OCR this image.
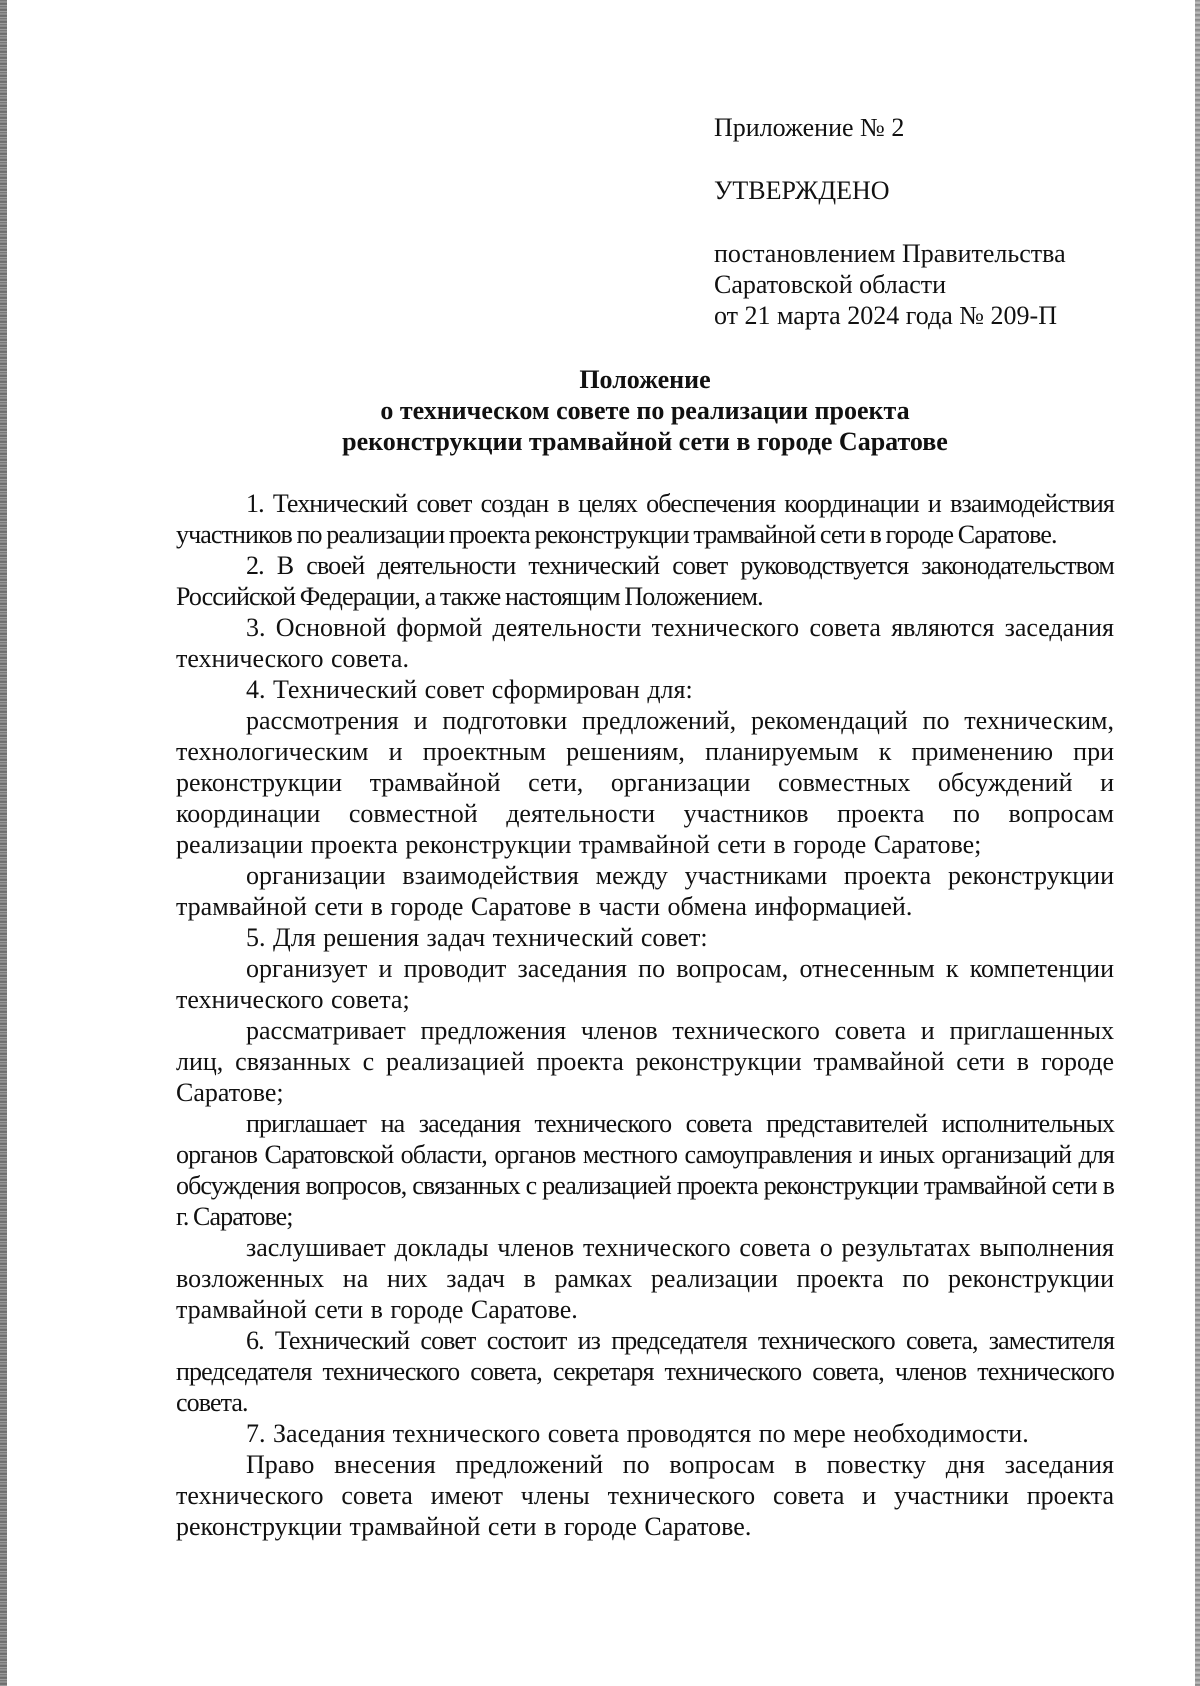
Приложение № 2
УТВЕРЖДЕНО
постановлением Правительства
Саратовской области
от 21 марта 2024 года № 209-П
Положение
о техническом совете по реализации проекта
реконструкции трамвайной сети в городе Саратове

1. Технический совет создан в целях обеспечения координации и взаимодействия участников по реализации проекта реконструкции трамвайной сети в городе Саратове.

2. В своей деятельности технический совет руководствуется законодательством Российской Федерации, а также настоящим Положением.

3. Основной формой деятельности технического совета являются заседания технического совета.

4. Технический совет сформирован для:

рассмотрения и подготовки предложений, рекомендаций по техническим, технологическим и проектным решениям, планируемым к применению при реконструкции трамвайной сети, организации совместных обсуждений и координации совместной деятельности участников проекта по вопросам реализации проекта реконструкции трамвайной сети в городе Саратове;

организации взаимодействия между участниками проекта реконструкции трамвайной сети в городе Саратове в части обмена информацией.

5. Для решения задач технический совет:

организует и проводит заседания по вопросам, отнесенным к компетенции технического совета;

рассматривает предложения членов технического совета и приглашенных лиц, связанных с реализацией проекта реконструкции трамвайной сети в городе Саратове;

приглашает на заседания технического совета представителей исполнительных органов Саратовской области, органов местного самоуправления и иных организаций для обсуждения вопросов, связанных с реализацией проекта реконструкции трамвайной сети в г. Саратове;

заслушивает доклады членов технического совета о результатах выполнения возложенных на них задач в рамках реализации проекта по реконструкции трамвайной сети в городе Саратове.

6. Технический совет состоит из председателя технического совета, заместителя председателя технического совета, секретаря технического совета, членов технического совета.

7. Заседания технического совета проводятся по мере необходимости.

Право внесения предложений по вопросам в повестку дня заседания технического совета имеют члены технического совета и участники проекта реконструкции трамвайной сети в городе Саратове.
